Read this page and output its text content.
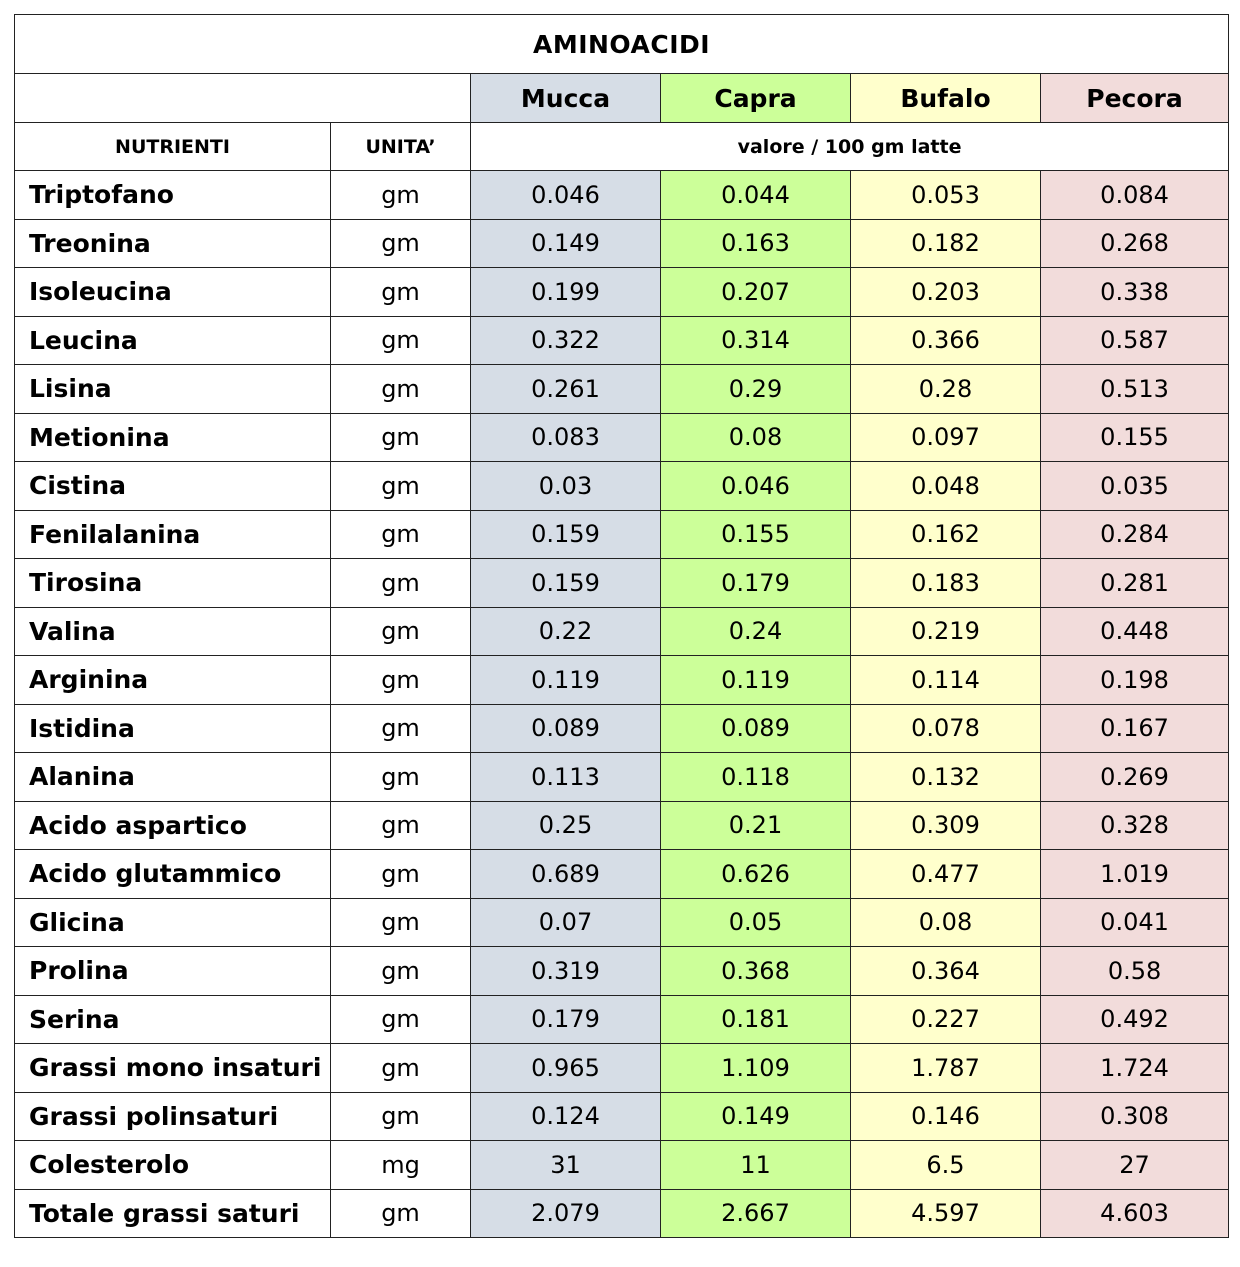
AMINOACIDI					
		Mucca	Capra	Bufalo	Pecora
NUTRIENTI	UNITA’	valore / 100 gm latte			
Triptofano	gm	0.046	0.044	0.053	0.084
Treonina	gm	0.149	0.163	0.182	0.268
Isoleucina	gm	0.199	0.207	0.203	0.338
Leucina	gm	0.322	0.314	0.366	0.587
Lisina	gm	0.261	0.29	0.28	0.513
Metionina	gm	0.083	0.08	0.097	0.155
Cistina	gm	0.03	0.046	0.048	0.035
Fenilalanina	gm	0.159	0.155	0.162	0.284
Tirosina	gm	0.159	0.179	0.183	0.281
Valina	gm	0.22	0.24	0.219	0.448
Arginina	gm	0.119	0.119	0.114	0.198
Istidina	gm	0.089	0.089	0.078	0.167
Alanina	gm	0.113	0.118	0.132	0.269
Acido aspartico	gm	0.25	0.21	0.309	0.328
Acido glutammico	gm	0.689	0.626	0.477	1.019
Glicina	gm	0.07	0.05	0.08	0.041
Prolina	gm	0.319	0.368	0.364	0.58
Serina	gm	0.179	0.181	0.227	0.492
Grassi mono insaturi	gm	0.965	1.109	1.787	1.724
Grassi polinsaturi	gm	0.124	0.149	0.146	0.308
Colesterolo	mg	31	11	6.5	27
Totale grassi saturi	gm	2.079	2.667	4.597	4.603
